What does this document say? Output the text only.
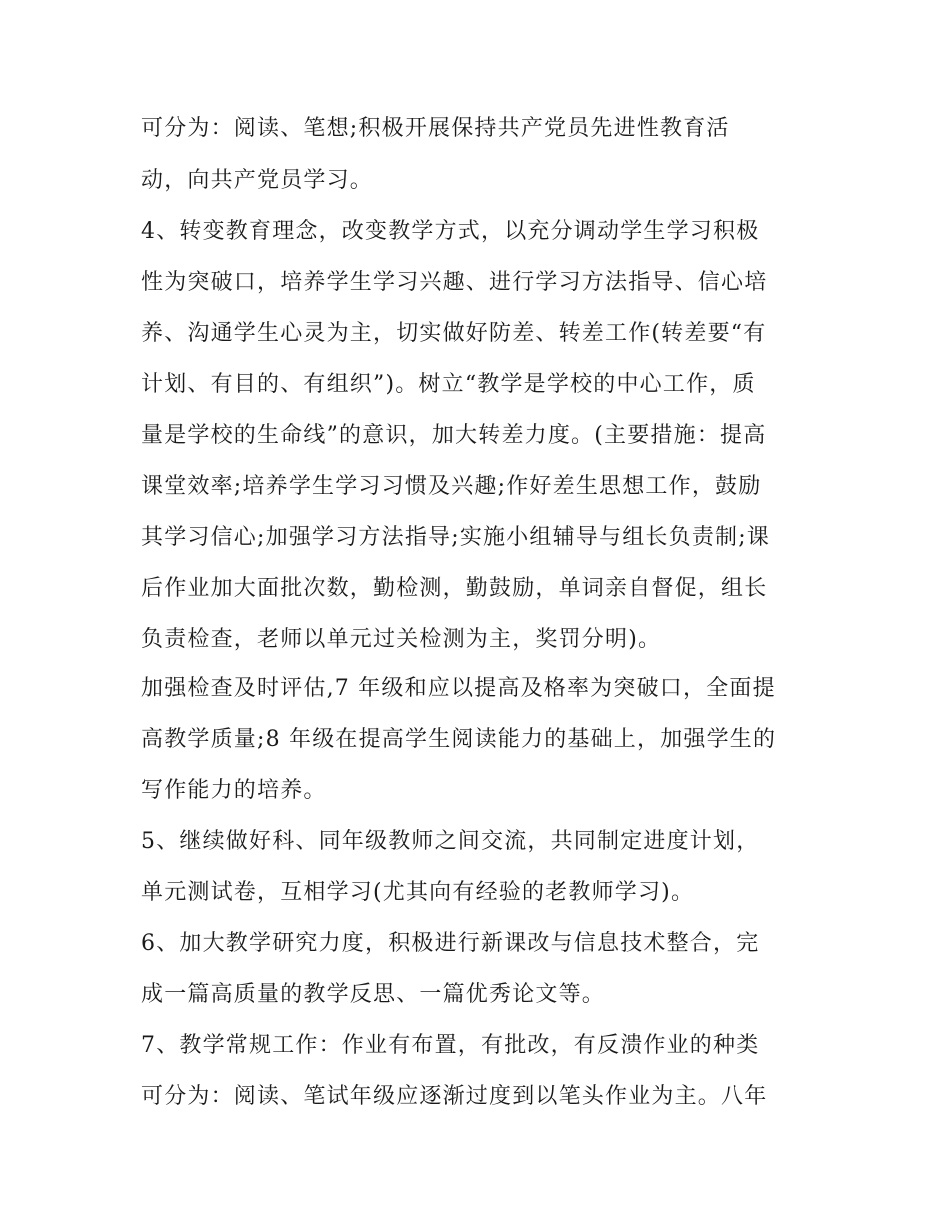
可分为：阅读、笔想;积极开展保持共产党员先进性教育活
动，向共产党员学习。
4、转变教育理念，改变教学方式，以充分调动学生学习积极
性为突破口，培养学生学习兴趣、进行学习方法指导、信心培
养、沟通学生心灵为主，切实做好防差、转差工作(转差要“有
计划、有目的、有组织”)。树立“教学是学校的中心工作，质
量是学校的生命线”的意识，加大转差力度。(主要措施：提高
课堂效率;培养学生学习习惯及兴趣;作好差生思想工作，鼓励
其学习信心;加强学习方法指导;实施小组辅导与组长负责制;课
后作业加大面批次数，勤检测，勤鼓励，单词亲自督促，组长
负责检查，老师以单元过关检测为主，奖罚分明)。
加强检查及时评估,7 年级和应以提高及格率为突破口，全面提
高教学质量;8 年级在提高学生阅读能力的基础上，加强学生的
写作能力的培养。
5、继续做好科、同年级教师之间交流，共同制定进度计划，
单元测试卷，互相学习(尤其向有经验的老教师学习)。
6、加大教学研究力度，积极进行新课改与信息技术整合，完
成一篇高质量的教学反思、一篇优秀论文等。
7、教学常规工作：作业有布置，有批改，有反溃作业的种类
可分为：阅读、笔试年级应逐渐过度到以笔头作业为主。八年
